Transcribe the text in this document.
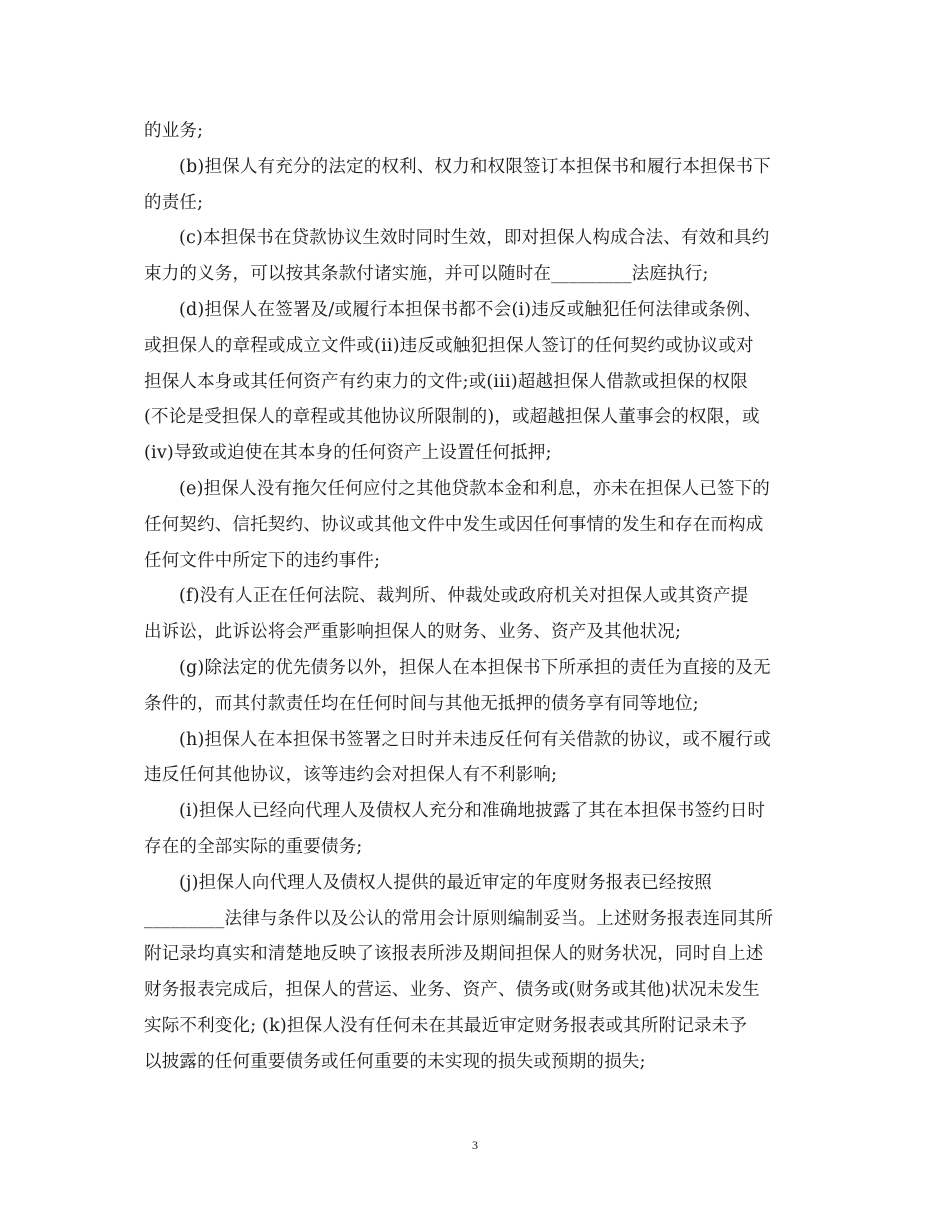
的业务;
(b)担保人有充分的法定的权利、权力和权限签订本担保书和履行本担保书下
的责任;
(c)本担保书在贷款协议生效时同时生效，即对担保人构成合法、有效和具约
束力的义务，可以按其条款付诸实施，并可以随时在_________法庭执行;
(d)担保人在签署及/或履行本担保书都不会(i)违反或触犯任何法律或条例、
或担保人的章程或成立文件或(ii)违反或触犯担保人签订的任何契约或协议或对
担保人本身或其任何资产有约束力的文件;或(iii)超越担保人借款或担保的权限
(不论是受担保人的章程或其他协议所限制的)，或超越担保人董事会的权限，或
(iv)导致或迫使在其本身的任何资产上设置任何抵押;
(e)担保人没有拖欠任何应付之其他贷款本金和利息，亦未在担保人已签下的
任何契约、信托契约、协议或其他文件中发生或因任何事情的发生和存在而构成
任何文件中所定下的违约事件;
(f)没有人正在任何法院、裁判所、仲裁处或政府机关对担保人或其资产提
出诉讼，此诉讼将会严重影响担保人的财务、业务、资产及其他状况;
(g)除法定的优先债务以外，担保人在本担保书下所承担的责任为直接的及无
条件的，而其付款责任均在任何时间与其他无抵押的债务享有同等地位;
(h)担保人在本担保书签署之日时并未违反任何有关借款的协议，或不履行或
违反任何其他协议，该等违约会对担保人有不利影响;
(i)担保人已经向代理人及债权人充分和准确地披露了其在本担保书签约日时
存在的全部实际的重要债务;
(j)担保人向代理人及债权人提供的最近审定的年度财务报表已经按照
_________法律与条件以及公认的常用会计原则编制妥当。上述财务报表连同其所
附记录均真实和清楚地反映了该报表所涉及期间担保人的财务状况，同时自上述
财务报表完成后，担保人的营运、业务、资产、债务或(财务或其他)状况未发生
实际不利变化; (k)担保人没有任何未在其最近审定财务报表或其所附记录未予
以披露的任何重要债务或任何重要的未实现的损失或预期的损失;
3
